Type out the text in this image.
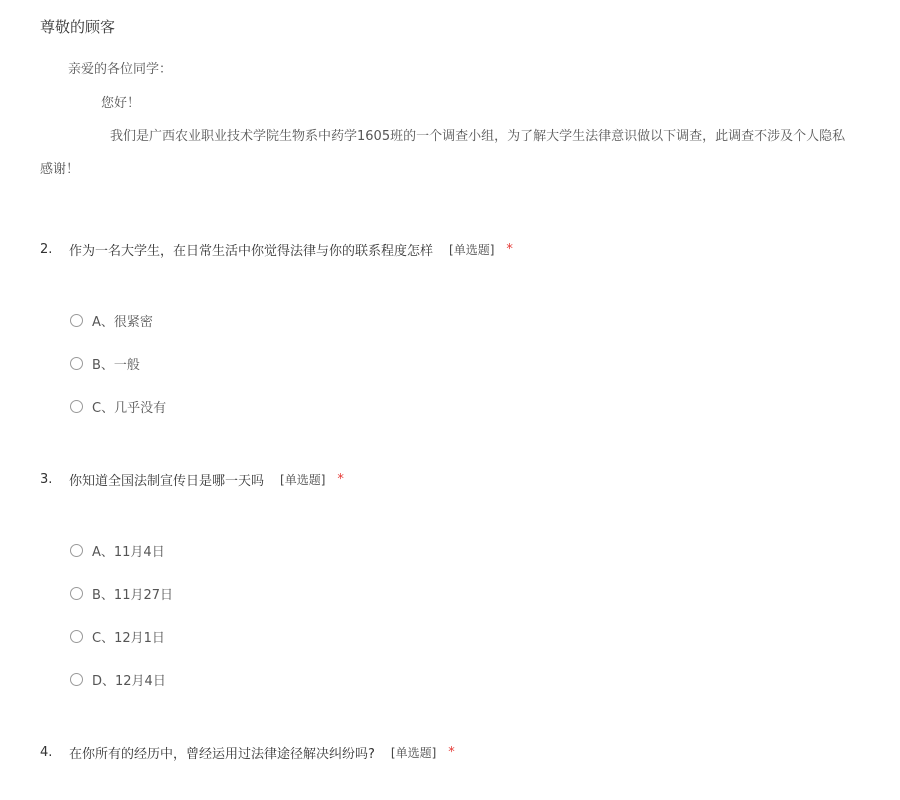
尊敬的顾客
亲爱的各位同学：
您好！
我们是广西农业职业技术学院生物系中药学1605班的一个调查小组，为了解大学生法律意识做以下调查，此调查不涉及个人隐私
感谢！
2.	作为一名大学生，在日常生活中你觉得法律与你的联系程度怎样 [单选题] *
A、很紧密
B、一般
C、几乎没有
3.	你知道全国法制宣传日是哪一天吗 [单选题] *
A、11月4日
B、11月27日
C、12月1日
D、12月4日
4.	在你所有的经历中，曾经运用过法律途径解决纠纷吗? [单选题] *
